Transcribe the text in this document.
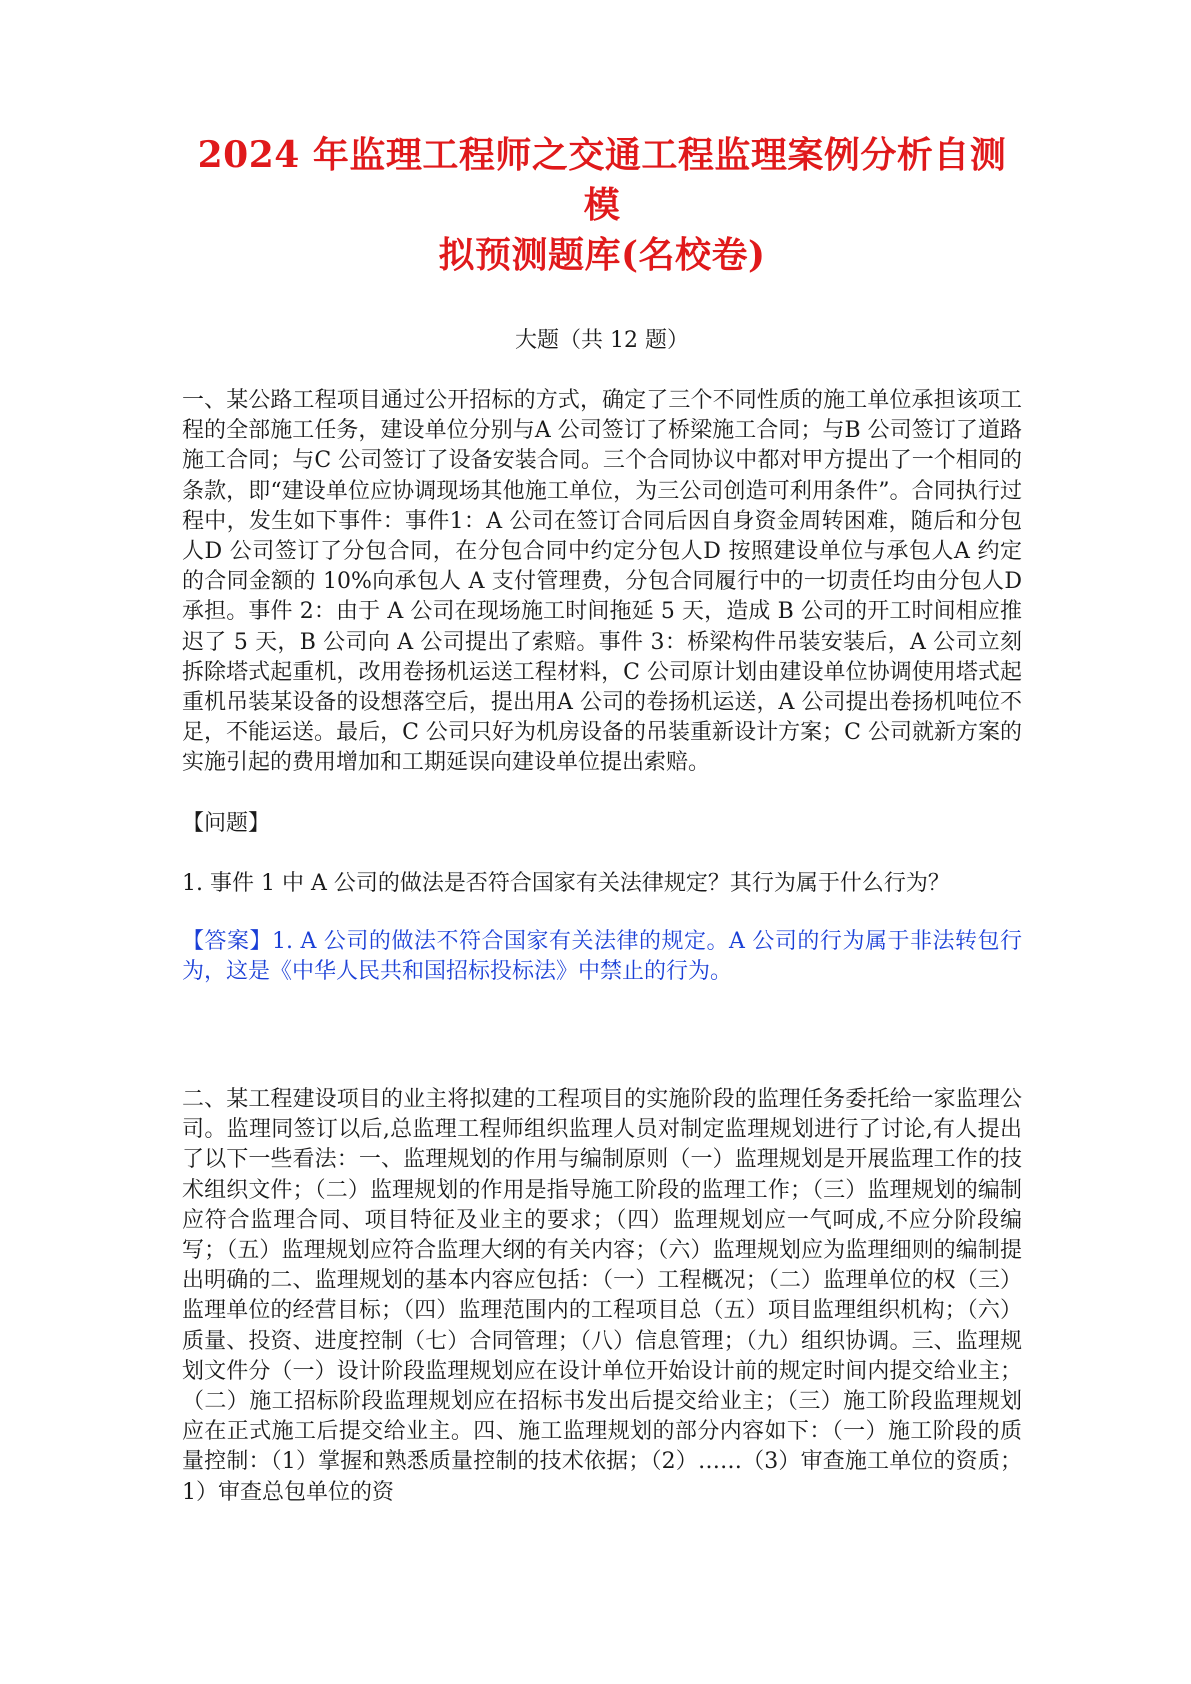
2024 年监理工程师之交通工程监理案例分析自测模
拟预测题库(名校卷)
大题（共 12 题）

一、某公路工程项目通过公开招标的方式，确定了三个不同性质的施工单位承担该项工程的全部施工任务，建设单位分别与A 公司签订了桥梁施工合同；与B 公司签订了道路施工合同；与C 公司签订了设备安装合同。三个合同协议中都对甲方提出了一个相同的条款，即“建设单位应协调现场其他施工单位，为三公司创造可利用条件”。合同执行过程中，发生如下事件：事件1：A 公司在签订合同后因自身资金周转困难，随后和分包人D 公司签订了分包合同，在分包合同中约定分包人D 按照建设单位与承包人A 约定的合同金额的 10%向承包人 A 支付管理费，分包合同履行中的一切责任均由分包人D 承担。事件 2：由于 A 公司在现场施工时间拖延 5 天，造成 B 公司的开工时间相应推迟了 5 天，B 公司向 A 公司提出了索赔。事件 3：桥梁构件吊装安装后，A 公司立刻拆除塔式起重机，改用卷扬机运送工程材料，C 公司原计划由建设单位协调使用塔式起重机吊装某设备的设想落空后，提出用A 公司的卷扬机运送，A 公司提出卷扬机吨位不足，不能运送。最后，C 公司只好为机房设备的吊装重新设计方案；C 公司就新方案的实施引起的费用增加和工期延误向建设单位提出索赔。

【问题】
1. 事件 1 中 A 公司的做法是否符合国家有关法律规定？其行为属于什么行为？
【答案】1. A 公司的做法不符合国家有关法律的规定。A 公司的行为属于非法转包行为，这是《中华人民共和国招标投标法》中禁止的行为。

二、某工程建设项目的业主将拟建的工程项目的实施阶段的监理任务委托给一家监理公司。监理同签订以后,总监理工程师组织监理人员对制定监理规划进行了讨论,有人提出了以下一些看法：一、监理规划的作用与编制原则（一）监理规划是开展监理工作的技术组织文件；（二）监理规划的作用是指导施工阶段的监理工作；（三）监理规划的编制应符合监理合同、项目特征及业主的要求；（四）监理规划应一气呵成,不应分阶段编写；（五）监理规划应符合监理大纲的有关内容；（六）监理规划应为监理细则的编制提出明确的二、监理规划的基本内容应包括：（一）工程概况；（二）监理单位的权（三）监理单位的经营目标；（四）监理范围内的工程项目总（五）项目监理组织机构；（六）质量、投资、进度控制（七）合同管理；（八）信息管理；（九）组织协调。三、监理规划文件分（一）设计阶段监理规划应在设计单位开始设计前的规定时间内提交给业主；（二）施工招标阶段监理规划应在招标书发出后提交给业主；（三）施工阶段监理规划应在正式施工后提交给业主。四、施工监理规划的部分内容如下：（一）施工阶段的质量控制：（1）掌握和熟悉质量控制的技术依据；（2）……（3）审查施工单位的资质；1）审查总包单位的资
